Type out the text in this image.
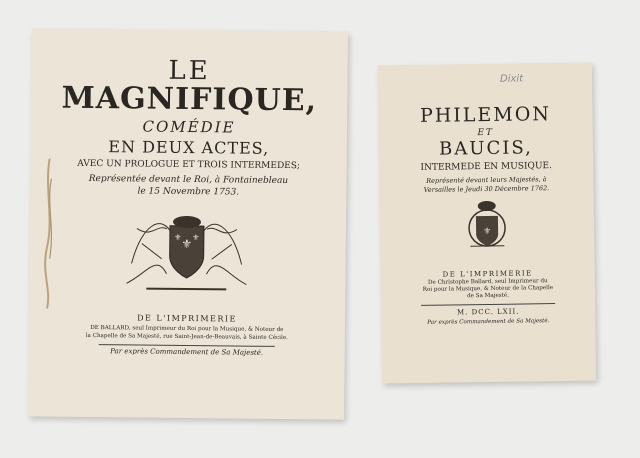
LE
MAGNIFIQUE,
COMÉDIE
EN DEUX ACTES,
AVEC UN PROLOGUE ET TROIS INTERMEDES;
Représentée devant le Roi, à Fontainebleau
le 15 Novembre 1753.
⚜
⚜ ⚜
DE L'IMPRIMERIE
DE BALLARD, seul Imprimeur du Roi pour la Musique, & Noteur de
la Chapelle de Sa Majesté, rue Saint-Jean-de-Beauvais, à Sainte Cécile.
Par exprès Commandement de Sa Majesté.
Dixit
PHILEMON
ET
BAUCIS,
INTERMEDE EN MUSIQUE.
Représenté devant leurs Majestés, à
Versailles le Jeudi 30 Décembre 1762.
⚜
DE L'IMPRIMERIE
De Christophe Ballard, seul Imprimeur du
Roi pour la Musique, & Noteur de la Chapelle
de Sa Majesté.
M. DCC. LXII.
Par exprès Commandement de Sa Majesté.
